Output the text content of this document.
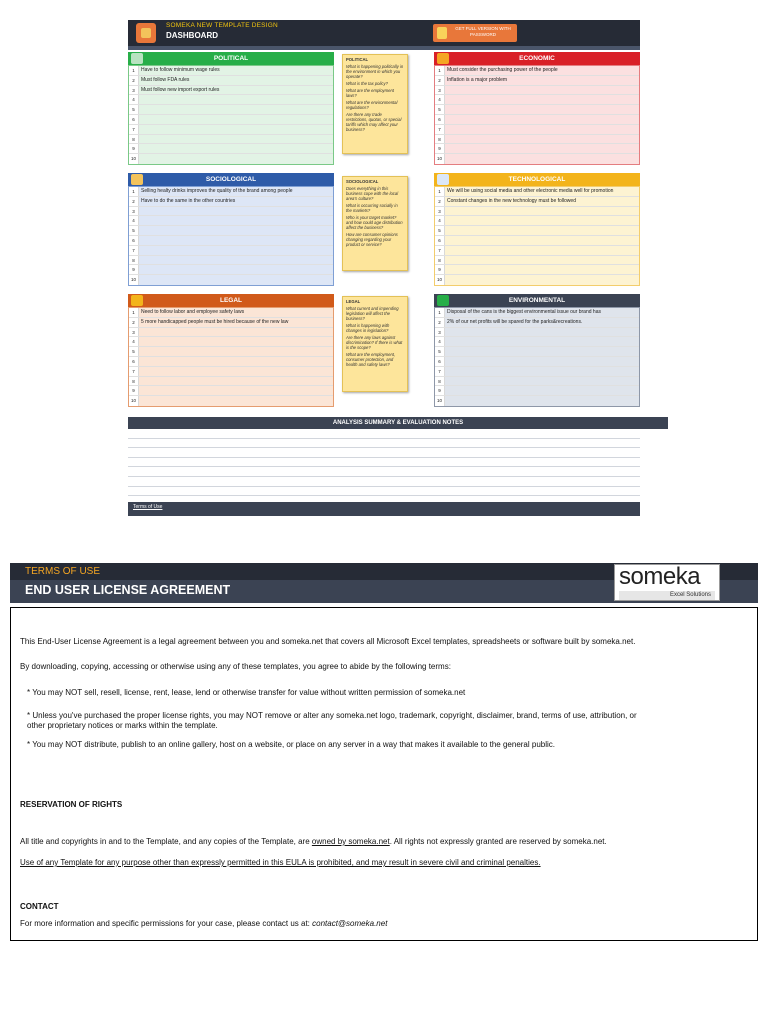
SOMEKA NEW TEMPLATE DESIGN
DASHBOARD
GET FULL VERSION WITH PASSWORD
POLITICAL
1	Have to follow minimum wage rules
2	Must follow FDA rules
3	Must follow new import export rules
4
5
6
7
8
9
10
ECONOMIC
1	Must consider the purchasing power of the people
2	Inflation is a major problem
3
4
5
6
7
8
9
10
SOCIOLOGICAL
1	Selling healty drinks improves the quality of the brand among people
2	Have to do the same in the other countries
3
4
5
6
7
8
9
10
TECHNOLOGICAL
1	We will be using social media and other electronic media well for promotion
2	Constant changes in the new technology must be followed
3
4
5
6
7
8
9
10
LEGAL
1	Need to follow labor and employee safety laws
2	5 more handicapped people must be hired because of the new law
3
4
5
6
7
8
9
10
ENVIRONMENTAL
1	Disposal of the cans is the biggest environmental issue our brand has
2	2% of our net profits will be spared for the parks&recreations.
3
4
5
6
7
8
9
10
POLITICAL

What is happening politically in the environment in which you operate?

What is the tax policy?

What are the employment laws?

What are the environmental regulations?

Are there any trade restrictions, quotas, or special tariffs which may affect your business?

SOCIOLOGICAL

Does everything in this business cope with the local area's culture?

What is occurring socially in the markets?

Who is your target market? and how could age distribution affect the business?

How are consumer opinions changing regarding your product or service?

LEGAL

What current and impending legislation will affect the business?

What is happening with changes in legislation?

Are there any laws against discrimination? If there is what is the scope?

What are the employment, consumer protection, and health and safety laws?

ANALYSIS SUMMARY & EVALUATION NOTES
Terms of Use
TERMS OF USE
END USER LICENSE AGREEMENT	someka
Excel Solutions
This End-User License Agreement is a legal agreement between you and someka.net that covers all Microsoft Excel templates, spreadsheets or software built by someka.net.
By downloading, copying, accessing or otherwise using any of these templates, you agree to abide by the following terms:
* You may NOT sell, resell, license, rent, lease, lend or otherwise transfer for value without written permission of someka.net
* Unless you've purchased the proper license rights, you may NOT remove or alter any someka.net logo, trademark, copyright, disclaimer, brand, terms of use, attribution, or
other proprietary notices or marks within the template.
* You may NOT distribute, publish to an online gallery, host on a website, or place on any server in a way that makes it available to the general public.
RESERVATION OF RIGHTS
All title and copyrights in and to the Template, and any copies of the Template, are owned by someka.net. All rights not expressly granted are reserved by someka.net.
Use of any Template for any purpose other than expressly permitted in this EULA is prohibited, and may result in severe civil and criminal penalties.
CONTACT
For more information and specific permissions for your case, please contact us at: contact@someka.net
